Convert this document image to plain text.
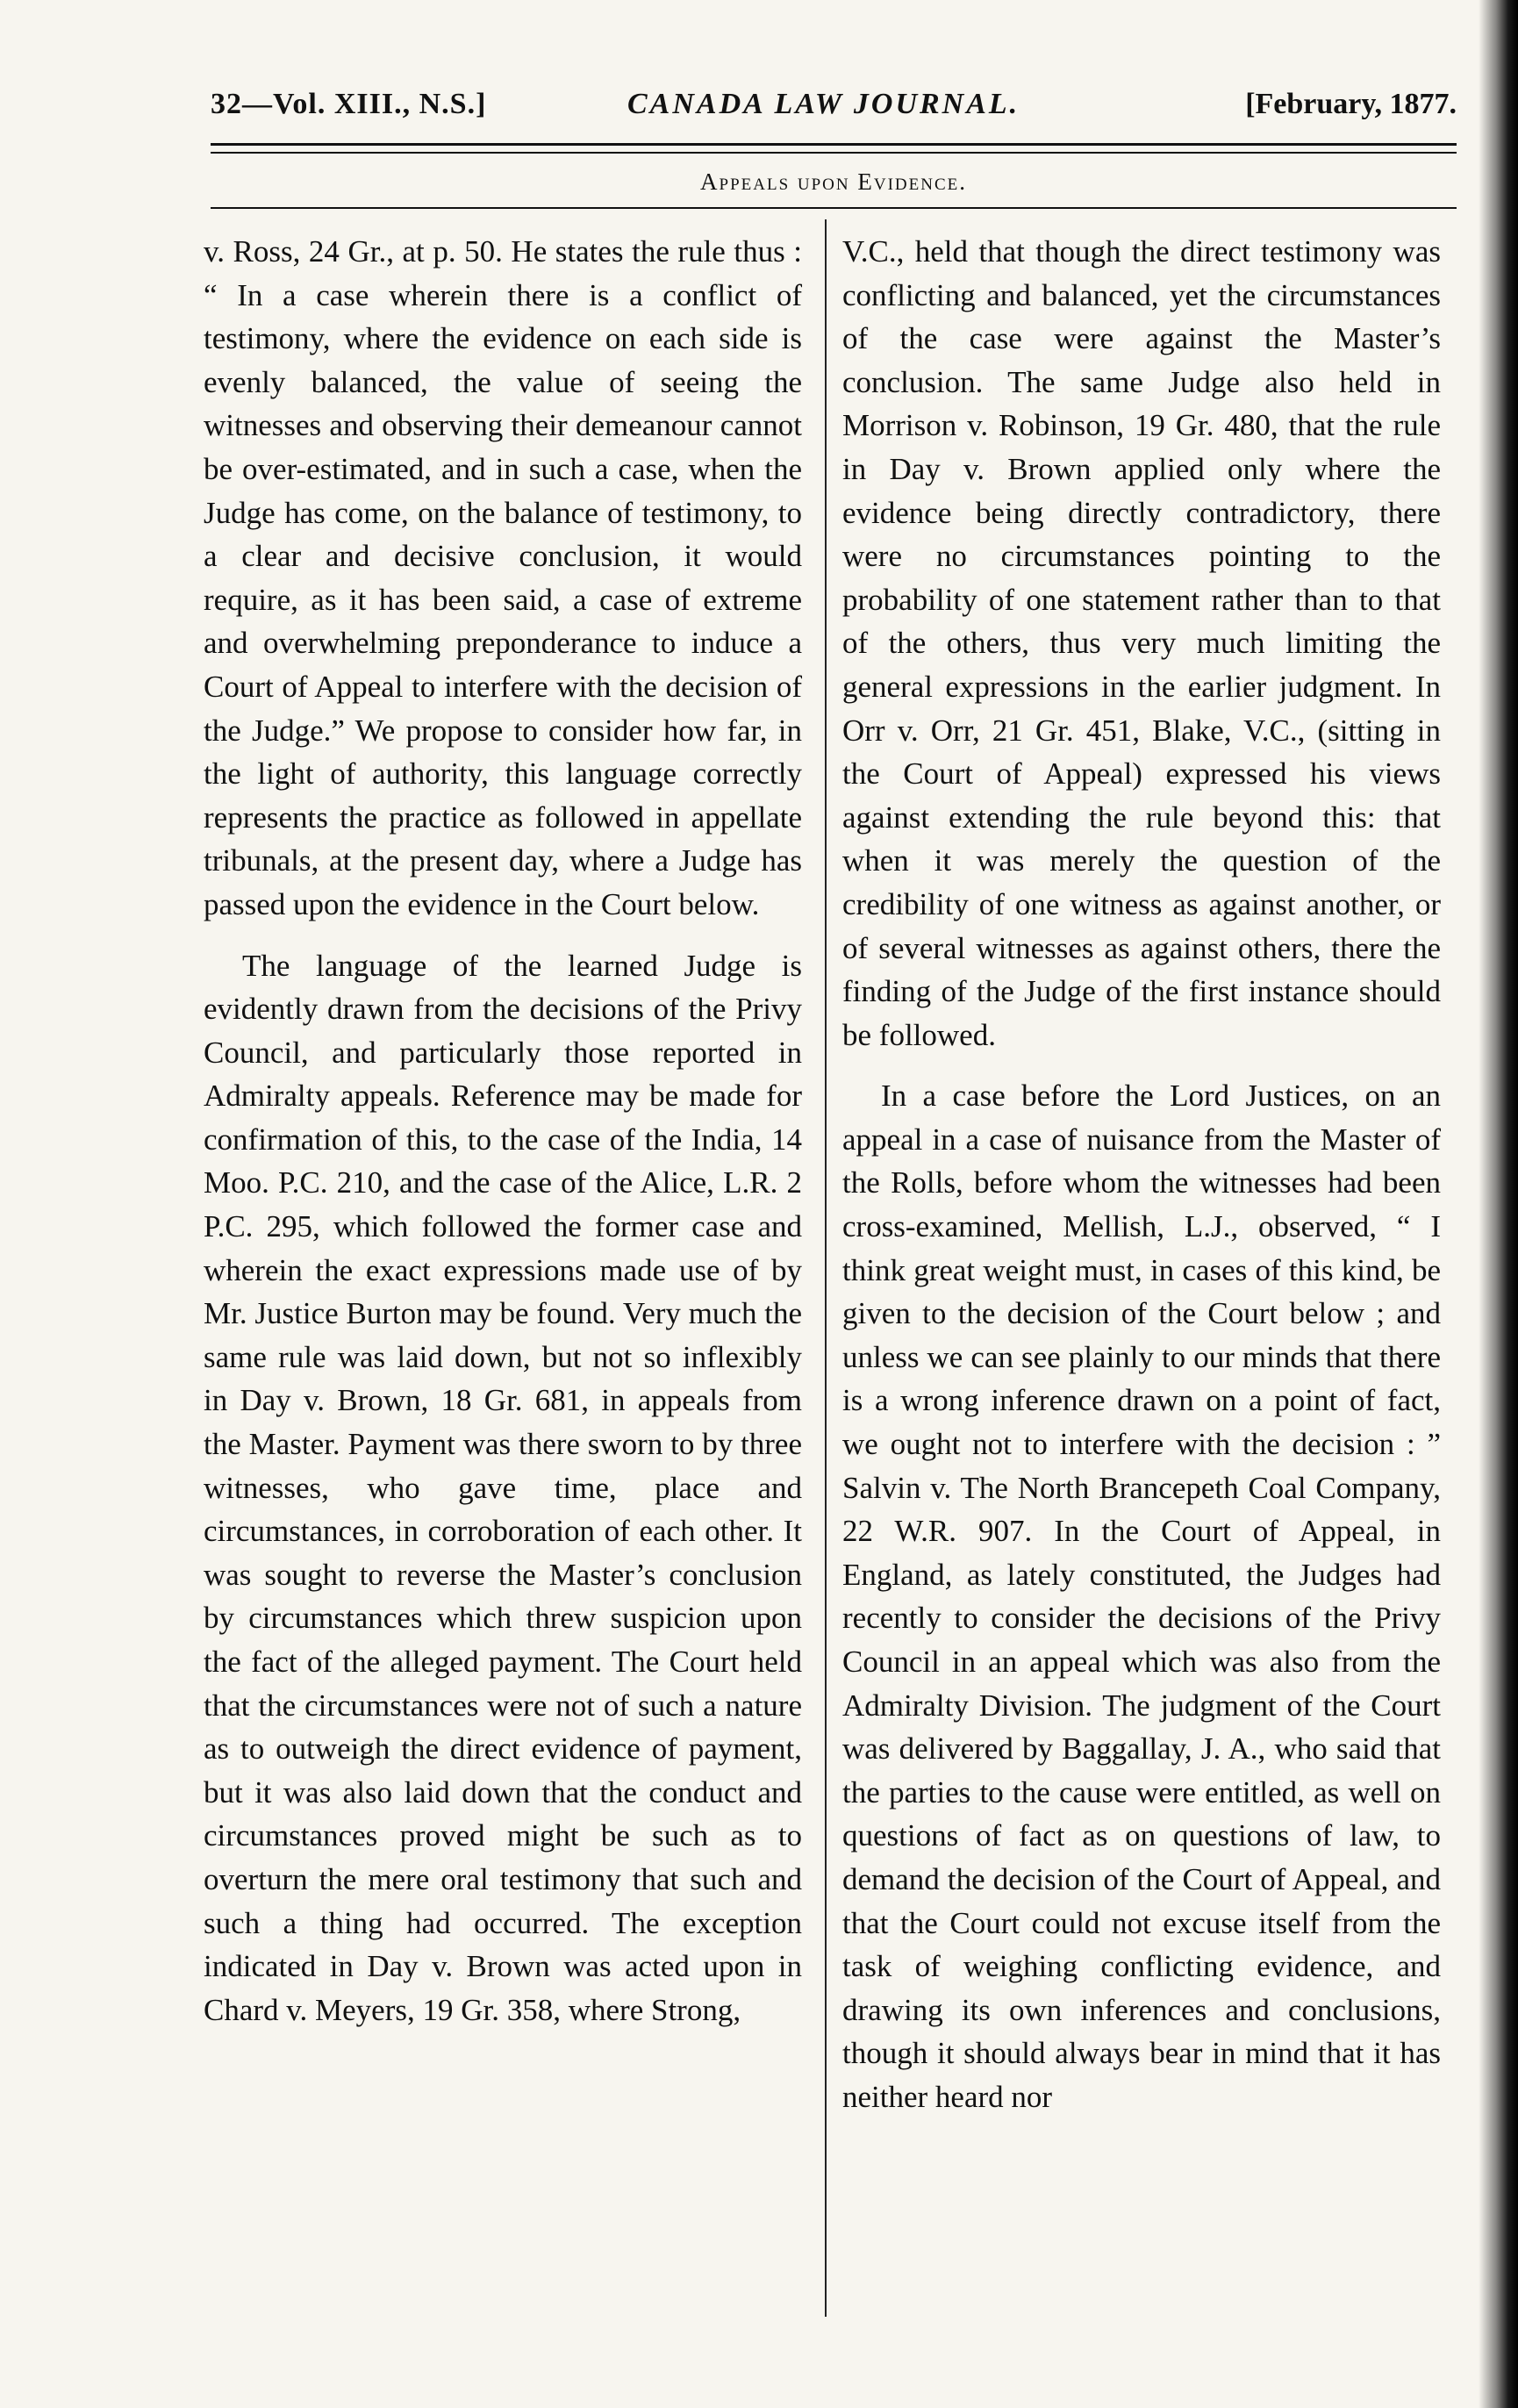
32—Vol. XIII., N.S.]	CANADA LAW JOURNAL.	[February, 1877.
Appeals upon Evidence.

v. Ross, 24 Gr., at p. 50. He states the rule thus : “ In a case wherein there is a conflict of testimony, where the evidence on each side is evenly balanced, the value of seeing the witnesses and observing their demeanour cannot be over-estimated, and in such a case, when the Judge has come, on the balance of testimony, to a clear and decisive conclusion, it would require, as it has been said, a case of extreme and overwhelming preponderance to induce a Court of Appeal to interfere with the decision of the Judge.” We propose to consider how far, in the light of authority, this language correctly represents the practice as followed in appellate tribunals, at the present day, where a Judge has passed upon the evidence in the Court below.

The language of the learned Judge is evidently drawn from the decisions of the Privy Council, and particularly those reported in Admiralty appeals. Reference may be made for confirmation of this, to the case of the India, 14 Moo. P.C. 210, and the case of the Alice, L.R. 2 P.C. 295, which followed the former case and wherein the exact expressions made use of by Mr. Justice Burton may be found. Very much the same rule was laid down, but not so inflexibly in Day v. Brown, 18 Gr. 681, in appeals from the Master. Payment was there sworn to by three witnesses, who gave time, place and circumstances, in corroboration of each other. It was sought to reverse the Master’s conclusion by circumstances which threw suspicion upon the fact of the alleged payment. The Court held that the circumstances were not of such a nature as to outweigh the direct evidence of payment, but it was also laid down that the conduct and circumstances proved might be such as to overturn the mere oral testimony that such and such a thing had occurred. The exception indicated in Day v. Brown was acted upon in Chard v. Meyers, 19 Gr. 358, where Strong,

V.C., held that though the direct testimony was conflicting and balanced, yet the circumstances of the case were against the Master’s conclusion. The same Judge also held in Morrison v. Robinson, 19 Gr. 480, that the rule in Day v. Brown applied only where the evidence being directly contradictory, there were no circumstances pointing to the probability of one statement rather than to that of the others, thus very much limiting the general expressions in the earlier judgment. In Orr v. Orr, 21 Gr. 451, Blake, V.C., (sitting in the Court of Appeal) expressed his views against extending the rule beyond this: that when it was merely the question of the credibility of one witness as against another, or of several witnesses as against others, there the finding of the Judge of the first instance should be followed.

In a case before the Lord Justices, on an appeal in a case of nuisance from the Master of the Rolls, before whom the witnesses had been cross-examined, Mellish, L.J., observed, “ I think great weight must, in cases of this kind, be given to the decision of the Court below ; and unless we can see plainly to our minds that there is a wrong inference drawn on a point of fact, we ought not to interfere with the decision : ” Salvin v. The North Brancepeth Coal Company, 22 W.R. 907. In the Court of Appeal, in England, as lately constituted, the Judges had recently to consider the decisions of the Privy Council in an appeal which was also from the Admiralty Division. The judgment of the Court was delivered by Baggallay, J. A., who said that the parties to the cause were entitled, as well on questions of fact as on questions of law, to demand the decision of the Court of Appeal, and that the Court could not excuse itself from the task of weighing conflicting evidence, and drawing its own inferences and conclusions, though it should always bear in mind that it has neither heard nor
